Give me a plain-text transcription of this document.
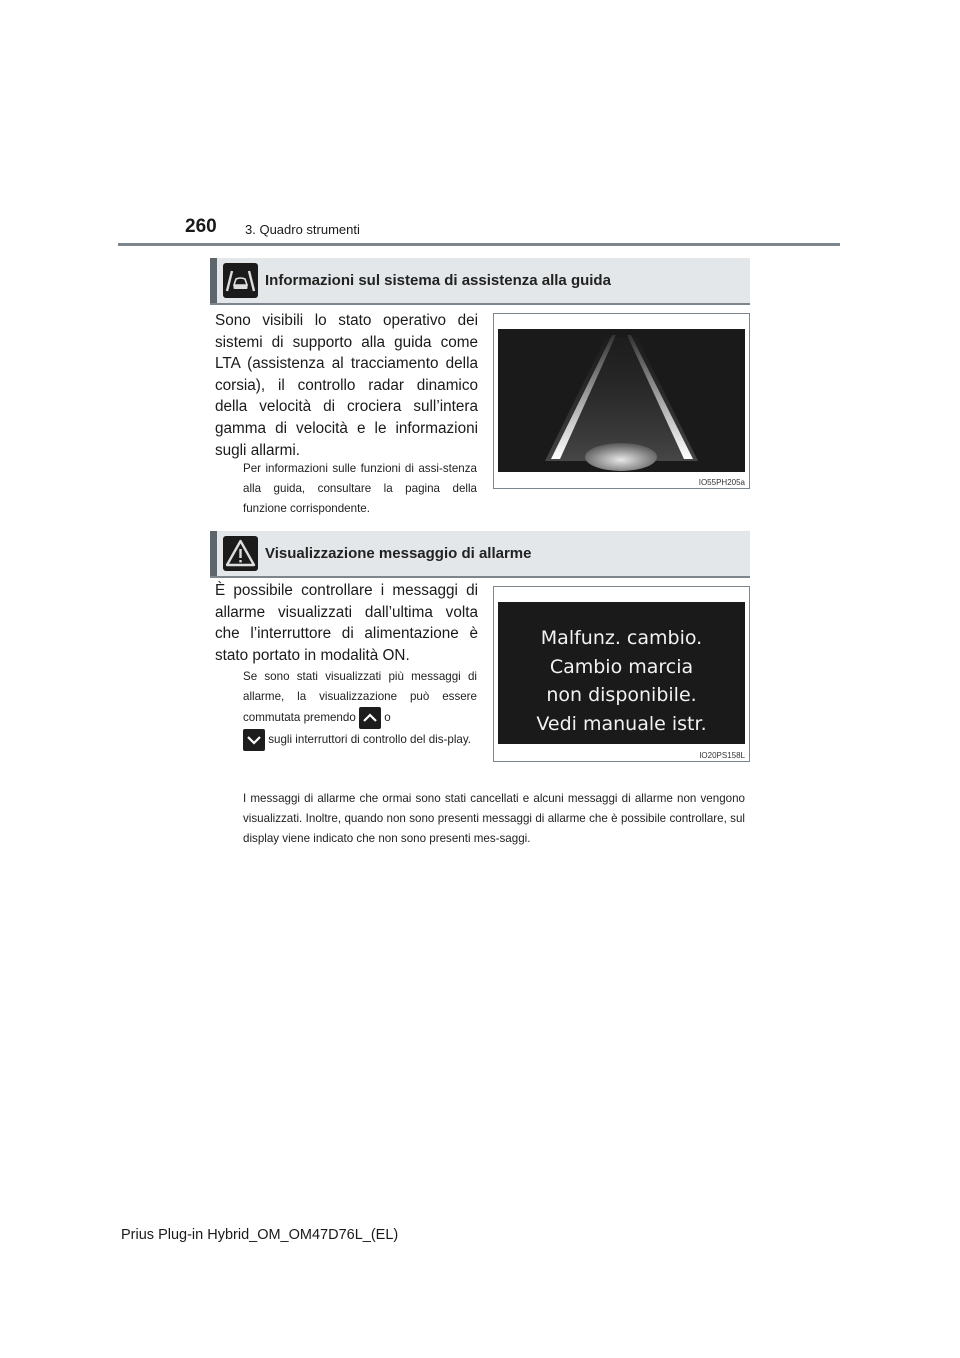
260 3. Quadro strumenti
Informazioni sul sistema di assistenza alla guida
Sono visibili lo stato operativo dei sistemi di supporto alla guida come LTA (assistenza al tracciamento della corsia), il controllo radar dinamico della velocità di crociera sull’intera gamma di velocità e le informazioni sugli allarmi.
Per informazioni sulle funzioni di assi-stenza alla guida, consultare la pagina della funzione corrispondente.
IO55PH205a
Visualizzazione messaggio di allarme
È possibile controllare i messaggi di allarme visualizzati dall’ultima volta che l’interruttore di alimentazione è stato portato in modalità ON.
Se sono stati visualizzati più messaggi di allarme, la visualizzazione può essere commutata premendo o
sugli interruttori di controllo del dis-play.
I messaggi di allarme che ormai sono stati cancellati e alcuni messaggi di allarme non vengono visualizzati. Inoltre, quando non sono presenti messaggi di allarme che è possibile controllare, sul display viene indicato che non sono presenti mes-saggi.
Malfunz. cambio.
Cambio marcia
non disponibile.
Vedi manuale istr.
IO20PS158L
Prius Plug-in Hybrid_OM_OM47D76L_(EL)
